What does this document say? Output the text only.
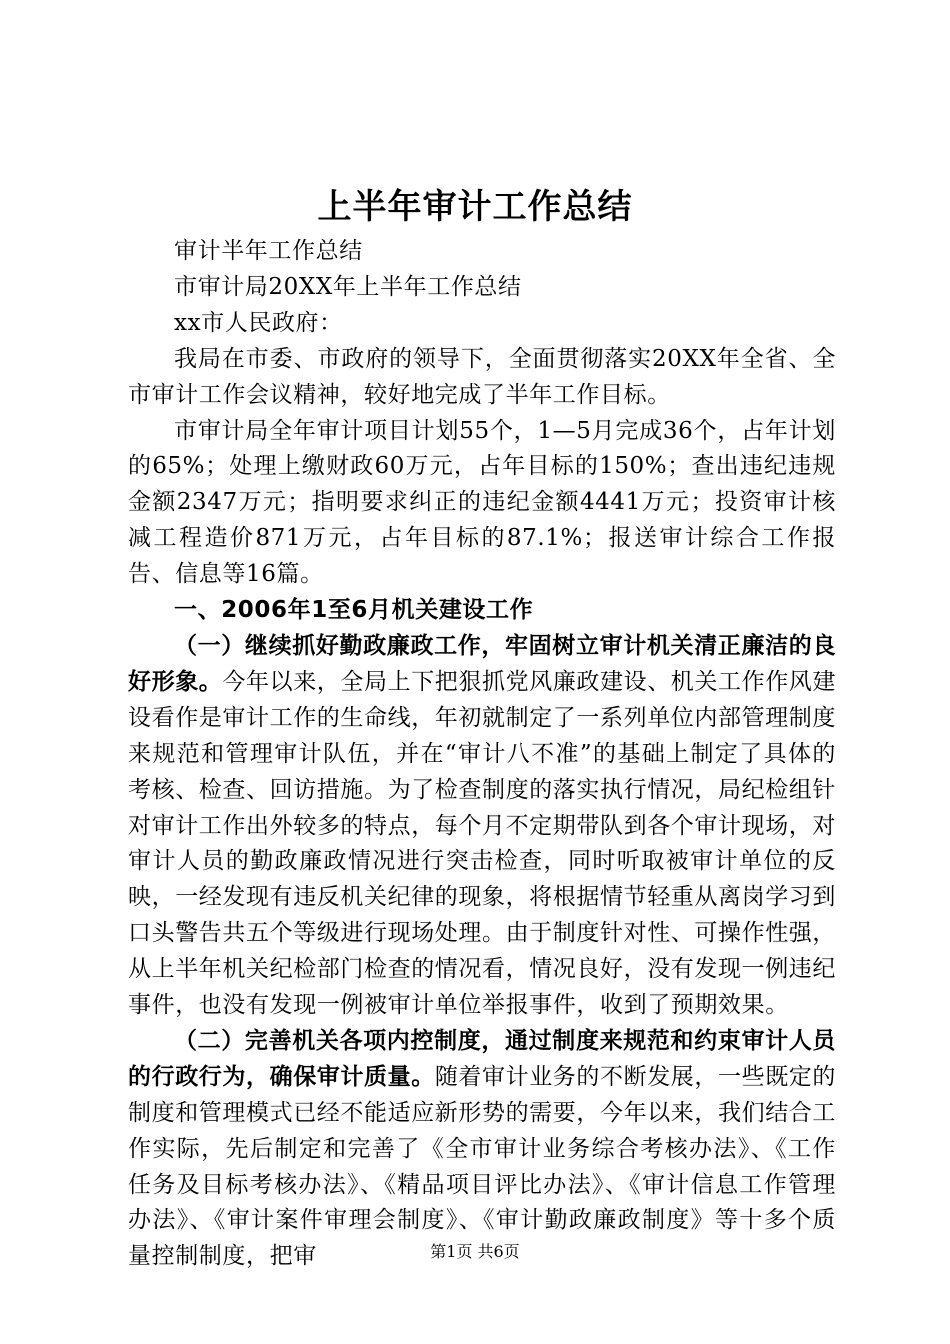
上半年审计工作总结

审计半年工作总结

市审计局20XX年上半年工作总结

xx市人民政府：

我局在市委、市政府的领导下，全面贯彻落实20XX年全省、全市审计工作会议精神，较好地完成了半年工作目标。

市审计局全年审计项目计划55个，1—5月完成36个，占年计划的65%；处理上缴财政60万元，占年目标的150%；查出违纪违规金额2347万元；指明要求纠正的违纪金额4441万元；投资审计核减工程造价871万元，占年目标的87.1%；报送审计综合工作报告、信息等16篇。

一、2006年1至6月机关建设工作

（一）继续抓好勤政廉政工作，牢固树立审计机关清正廉洁的良好形象。今年以来，全局上下把狠抓党风廉政建设、机关工作作风建设看作是审计工作的生命线，年初就制定了一系列单位内部管理制度来规范和管理审计队伍，并在“审计八不准”的基础上制定了具体的考核、检查、回访措施。为了检查制度的落实执行情况，局纪检组针对审计工作出外较多的特点，每个月不定期带队到各个审计现场，对审计人员的勤政廉政情况进行突击检查，同时听取被审计单位的反映，一经发现有违反机关纪律的现象，将根据情节轻重从离岗学习到口头警告共五个等级进行现场处理。由于制度针对性、可操作性强，从上半年机关纪检部门检查的情况看，情况良好，没有发现一例违纪事件，也没有发现一例被审计单位举报事件，收到了预期效果。

（二）完善机关各项内控制度，通过制度来规范和约束审计人员的行政行为，确保审计质量。随着审计业务的不断发展，一些既定的制度和管理模式已经不能适应新形势的需要，今年以来，我们结合工作实际，先后制定和完善了《全市审计业务综合考核办法》、《工作任务及目标考核办法》、《精品项目评比办法》、《审计信息工作管理办法》、《审计案件审理会制度》、《审计勤政廉政制度》等十多个质量控制制度，把审	第1页 共6页
